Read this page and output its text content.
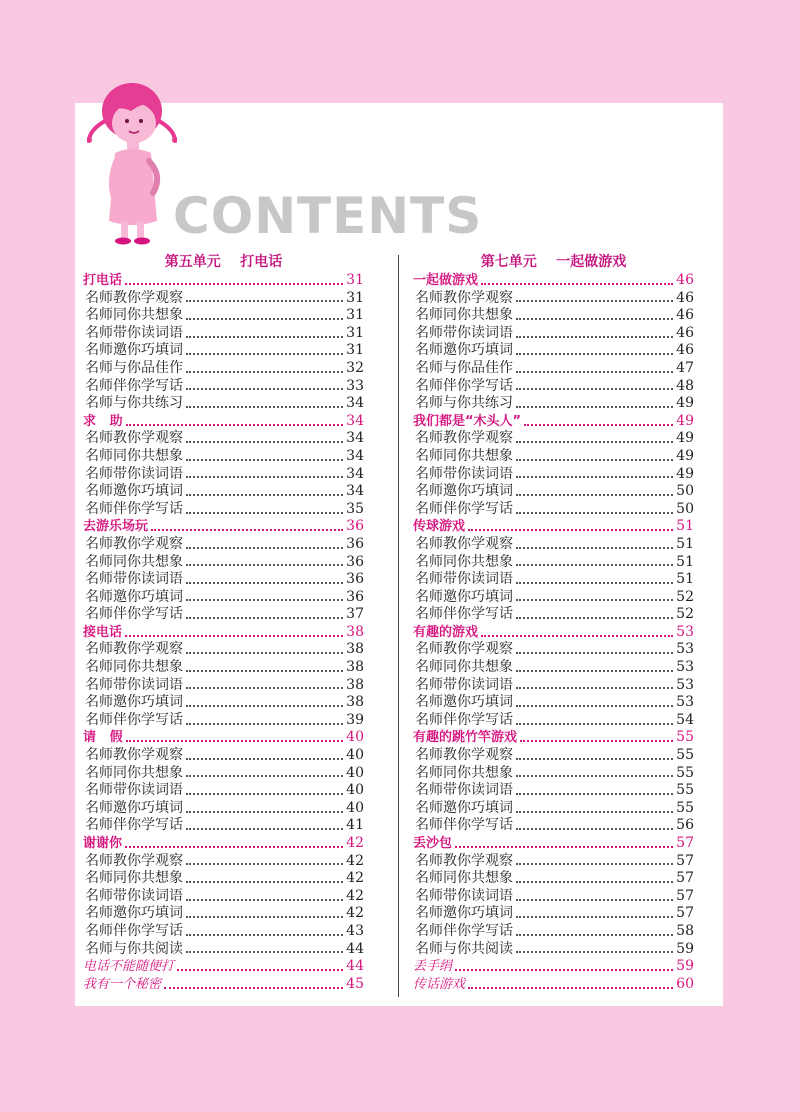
CONTENTS
第五单元    打电话
打电话	31
名师教你学观察	31
名师同你共想象	31
名师带你读词语	31
名师邀你巧填词	31
名师与你品佳作	32
名师伴你学写话	33
名师与你共练习	34
求   助	34
名师教你学观察	34
名师同你共想象	34
名师带你读词语	34
名师邀你巧填词	34
名师伴你学写话	35
去游乐场玩	36
名师教你学观察	36
名师同你共想象	36
名师带你读词语	36
名师邀你巧填词	36
名师伴你学写话	37
接电话	38
名师教你学观察	38
名师同你共想象	38
名师带你读词语	38
名师邀你巧填词	38
名师伴你学写话	39
请   假	40
名师教你学观察	40
名师同你共想象	40
名师带你读词语	40
名师邀你巧填词	40
名师伴你学写话	41
谢谢你	42
名师教你学观察	42
名师同你共想象	42
名师带你读词语	42
名师邀你巧填词	42
名师伴你学写话	43
名师与你共阅读	44
电话不能随便打	44
我有一个秘密	45
第七单元    一起做游戏
一起做游戏	46
名师教你学观察	46
名师同你共想象	46
名师带你读词语	46
名师邀你巧填词	46
名师与你品佳作	47
名师伴你学写话	48
名师与你共练习	49
我们都是“木头人”	49
名师教你学观察	49
名师同你共想象	49
名师带你读词语	49
名师邀你巧填词	50
名师伴你学写话	50
传球游戏	51
名师教你学观察	51
名师同你共想象	51
名师带你读词语	51
名师邀你巧填词	52
名师伴你学写话	52
有趣的游戏	53
名师教你学观察	53
名师同你共想象	53
名师带你读词语	53
名师邀你巧填词	53
名师伴你学写话	54
有趣的跳竹竿游戏	55
名师教你学观察	55
名师同你共想象	55
名师带你读词语	55
名师邀你巧填词	55
名师伴你学写话	56
丢沙包	57
名师教你学观察	57
名师同你共想象	57
名师带你读词语	57
名师邀你巧填词	57
名师伴你学写话	58
名师与你共阅读	59
丢手绢	59
传话游戏	60
